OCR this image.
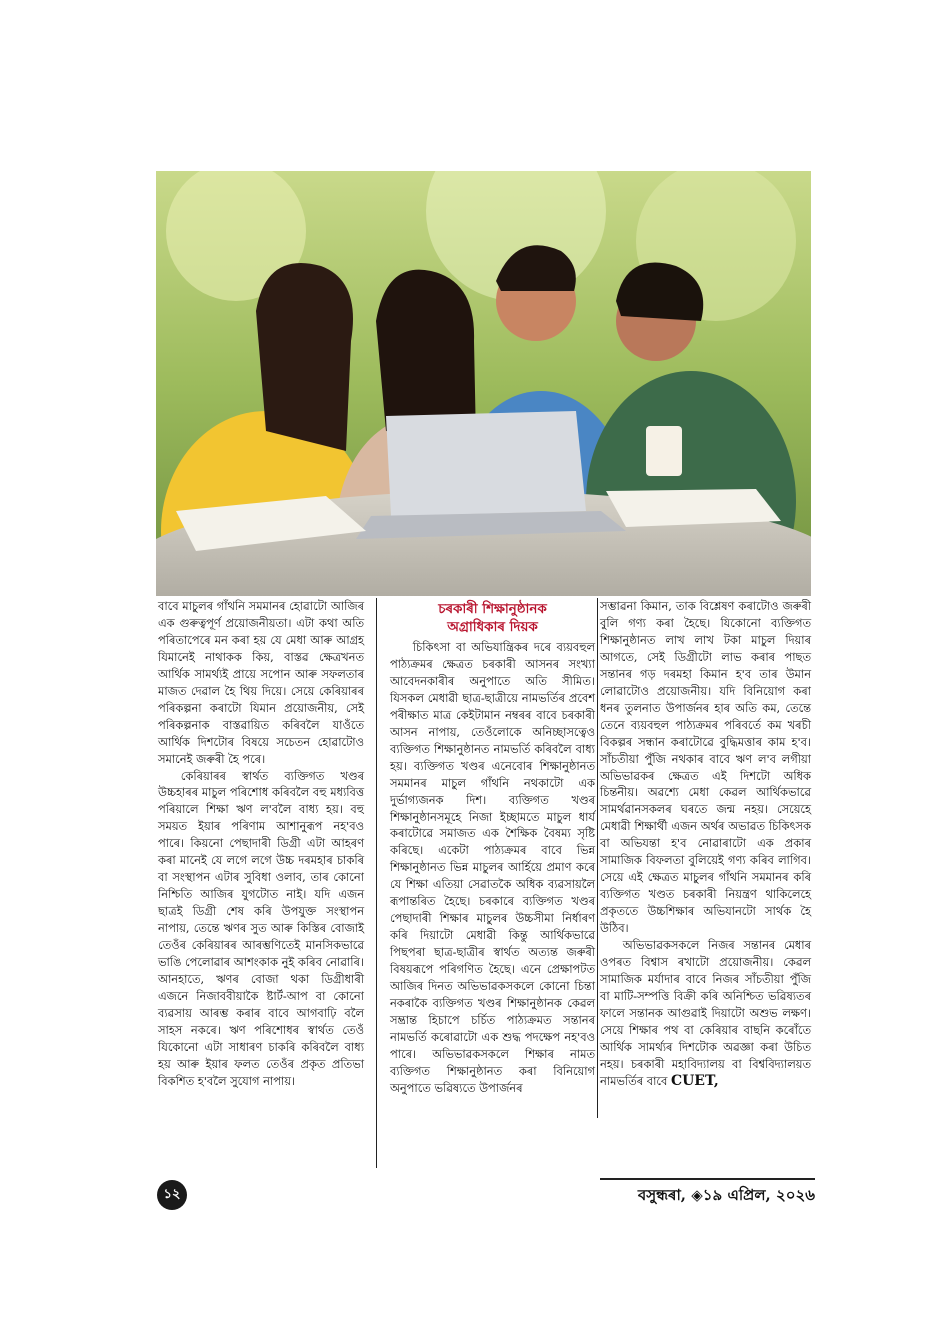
বাবে মাচুলৰ গাঁথনি সমমানৰ হোৱাটো আজিৰ এক গুৰুত্বপূৰ্ণ প্ৰয়োজনীয়তা। এটা কথা অতি পৰিতাপেৰে মন কৰা হয় যে মেধা আৰু আগ্ৰহ যিমানেই নাথাকক কিয়, বাস্তৱ ক্ষেত্ৰখনত আৰ্থিক সামৰ্থ্যই প্ৰায়ে সপোন আৰু সফলতাৰ মাজত দেৱাল হৈ থিয় দিয়ে। সেয়ে কেৰিয়াৰৰ পৰিকল্পনা কৰাটো যিমান প্ৰয়োজনীয়, সেই পৰিকল্পনাক বাস্তৱায়িত কৰিবলৈ যাওঁতে আৰ্থিক দিশটোৰ বিষয়ে সচেতন হোৱাটোও সমানেই জৰুৰী হৈ পৰে।

কেৰিয়াৰৰ স্বাৰ্থত ব্যক্তিগত খণ্ডৰ উচ্চহাৰৰ মাচুল পৰিশোধ কৰিবলৈ বহু মধ্যবিত্ত পৰিয়ালে শিক্ষা ঋণ ল'বলৈ বাধ্য হয়। বহু সময়ত ইয়াৰ পৰিণাম আশানুৰূপ নহ'বও পাৰে। কিয়নো পেছাদাৰী ডিগ্ৰী এটা আহৰণ কৰা মানেই যে লগে লগে উচ্চ দৰমহাৰ চাকৰি বা সংস্থাপন এটাৰ সুবিধা ওলাব, তাৰ কোনো নিশ্চিতি আজিৰ যুগটোত নাই। যদি এজন ছাত্ৰই ডিগ্ৰী শেষ কৰি উপযুক্ত সংস্থাপন নাপায়, তেন্তে ঋণৰ সুত আৰু কিস্তিৰ বোজাই তেওঁৰ কেৰিয়াৰৰ আৰম্ভণিতেই মানসিকভাৱে ভাঙি পেলোৱাৰ আশংকাক নুই কৰিব নোৱাৰি। আনহাতে, ঋণৰ বোজা থকা ডিগ্ৰীধাৰী এজনে নিজাববীয়াকৈ ষ্টাৰ্ট-আপ বা কোনো ব্যৱসায় আৰম্ভ কৰাৰ বাবে আগবাঢ়ি বলৈ সাহস নকৰে। ঋণ পৰিশোধৰ স্বাৰ্থত তেওঁ যিকোনো এটা সাধাৰণ চাকৰি কৰিবলৈ বাধ্য হয় আৰু ইয়াৰ ফলত তেওঁৰ প্ৰকৃত প্ৰতিভা বিকশিত হ'বলৈ সুযোগ নাপায়।

চৰকাৰী শিক্ষানুষ্ঠানক
অগ্ৰাধিকাৰ দিয়ক

চিকিৎসা বা অভিযান্ত্ৰিকৰ দৰে ব্যয়বহুল পাঠ্যক্ৰমৰ ক্ষেত্ৰত চৰকাৰী আসনৰ সংখ্যা আবেদনকাৰীৰ অনুপাতে অতি সীমিত। যিসকল মেধাৱী ছাত্ৰ-ছাত্ৰীয়ে নামভৰ্তিৰ প্ৰবেশ পৰীক্ষাত মাত্ৰ কেইটামান নম্বৰৰ বাবে চৰকাৰী আসন নাপায়, তেওঁলোকে অনিচ্ছাসত্বেও ব্যক্তিগত শিক্ষানুষ্ঠানত নামভৰ্তি কৰিবলৈ বাধ্য হয়। ব্যক্তিগত খণ্ডৰ এনেবোৰ শিক্ষানুষ্ঠানত সমমানৰ মাচুল গাঁথনি নথকাটো এক দুৰ্ভাগ্যজনক দিশ। ব্যক্তিগত খণ্ডৰ শিক্ষানুষ্ঠানসমূহে নিজা ইচ্ছামতে মাচুল ধাৰ্য কৰাটোৱে সমাজত এক শৈক্ষিক বৈষম্য সৃষ্টি কৰিছে। একেটা পাঠ্যক্ৰমৰ বাবে ভিন্ন শিক্ষানুষ্ঠানত ভিন্ন মাচুলৰ আৰ্হিয়ে প্ৰমাণ কৰে যে শিক্ষা এতিয়া সেৱাতকৈ অধিক ব্যৱসায়লৈ ৰূপান্তৰিত হৈছে। চৰকাৰে ব্যক্তিগত খণ্ডৰ পেছাদাৰী শিক্ষাৰ মাচুলৰ উচ্চসীমা নিৰ্ধাৰণ কৰি দিয়াটো মেধাৱী কিন্তু আৰ্থিকভাৱে পিছপৰা ছাত্ৰ-ছাত্ৰীৰ স্বাৰ্থত অত্যন্ত জৰুৰী বিষয়ৰূপে পৰিগণিত হৈছে। এনে প্ৰেক্ষাপটত আজিৰ দিনত অভিভাৱকসকলে কোনো চিন্তা নকৰাকৈ ব্যক্তিগত খণ্ডৰ শিক্ষানুষ্ঠানক কেৱল সম্ভ্ৰান্ত হিচাপে চৰ্চিত পাঠ্যক্ৰমত সন্তানৰ নামভৰ্তি কৰোৱাটো এক শুদ্ধ পদক্ষেপ নহ'বও পাৰে। অভিভাৱকসকলে শিক্ষাৰ নামত ব্যক্তিগত শিক্ষানুষ্ঠানত কৰা বিনিয়োগ অনুপাতে ভৱিষ্যতে উপাৰ্জনৰ

সম্ভাৱনা কিমান, তাক বিশ্লেষণ কৰাটোও জৰুৰী বুলি গণ্য কৰা হৈছে। যিকোনো ব্যক্তিগত শিক্ষানুষ্ঠানত লাখ লাখ টকা মাচুল দিয়াৰ আগতে, সেই ডিগ্ৰীটো লাভ কৰাৰ পাছত সন্তানৰ গড় দৰমহা কিমান হ'ব তাৰ উমান লোৱাটোও প্ৰয়োজনীয়। যদি বিনিয়োগ কৰা ধনৰ তুলনাত উপাৰ্জনৰ হাৰ অতি কম, তেন্তে তেনে ব্যয়বহুল পাঠ্যক্ৰমৰ পৰিবৰ্তে কম খৰচী বিকল্পৰ সন্ধান কৰাটোৱে বুদ্ধিমত্তাৰ কাম হ'ব। সাঁচতীয়া পুঁজি নথকাৰ বাবে ঋণ ল'ব লগীয়া অভিভাৱকৰ ক্ষেত্ৰত এই দিশটো অধিক চিন্তনীয়। অৱশ্যে মেধা কেৱল আৰ্থিকভাৱে সামৰ্থৱানসকলৰ ঘৰতে জন্ম নহয়। সেয়েহে মেধাৱী শিক্ষাৰ্থী এজন অৰ্থৰ অভাৱত চিকিৎসক বা অভিযন্তা হ'ব নোৱাৰাটো এক প্ৰকাৰ সামাজিক বিফলতা বুলিয়েই গণ্য কৰিব লাগিব। সেয়ে এই ক্ষেত্ৰত মাচুলৰ গাঁথনি সমমানৰ কৰি ব্যক্তিগত খণ্ডত চৰকাৰী নিয়ন্ত্ৰণ থাকিলেহে প্ৰকৃততে উচ্চশিক্ষাৰ অভিযানটো সাৰ্থক হৈ উঠিব।

অভিভাৱকসকলে নিজৰ সন্তানৰ মেধাৰ ওপৰত বিশ্বাস ৰখাটো প্ৰয়োজনীয়। কেৱল সামাজিক মৰ্যাদাৰ বাবে নিজৰ সাঁচতীয়া পুঁজি বা মাটি-সম্পত্তি বিক্ৰী কৰি অনিশ্চিত ভৱিষ্যতৰ ফালে সন্তানক আগুৱাই দিয়াটো অশুভ লক্ষণ। সেয়ে শিক্ষাৰ পথ বা কেৰিয়াৰ বাছনি কৰোঁতে আৰ্থিক সামৰ্থ্যৰ দিশটোক অৱজ্ঞা কৰা উচিত নহয়। চৰকাৰী মহাবিদ্যালয় বা বিশ্ববিদ্যালয়ত নামভৰ্তিৰ বাবে CUET,

১২	বসুন্ধৰা, ◈১৯ এপ্ৰিল, ২০২৬
